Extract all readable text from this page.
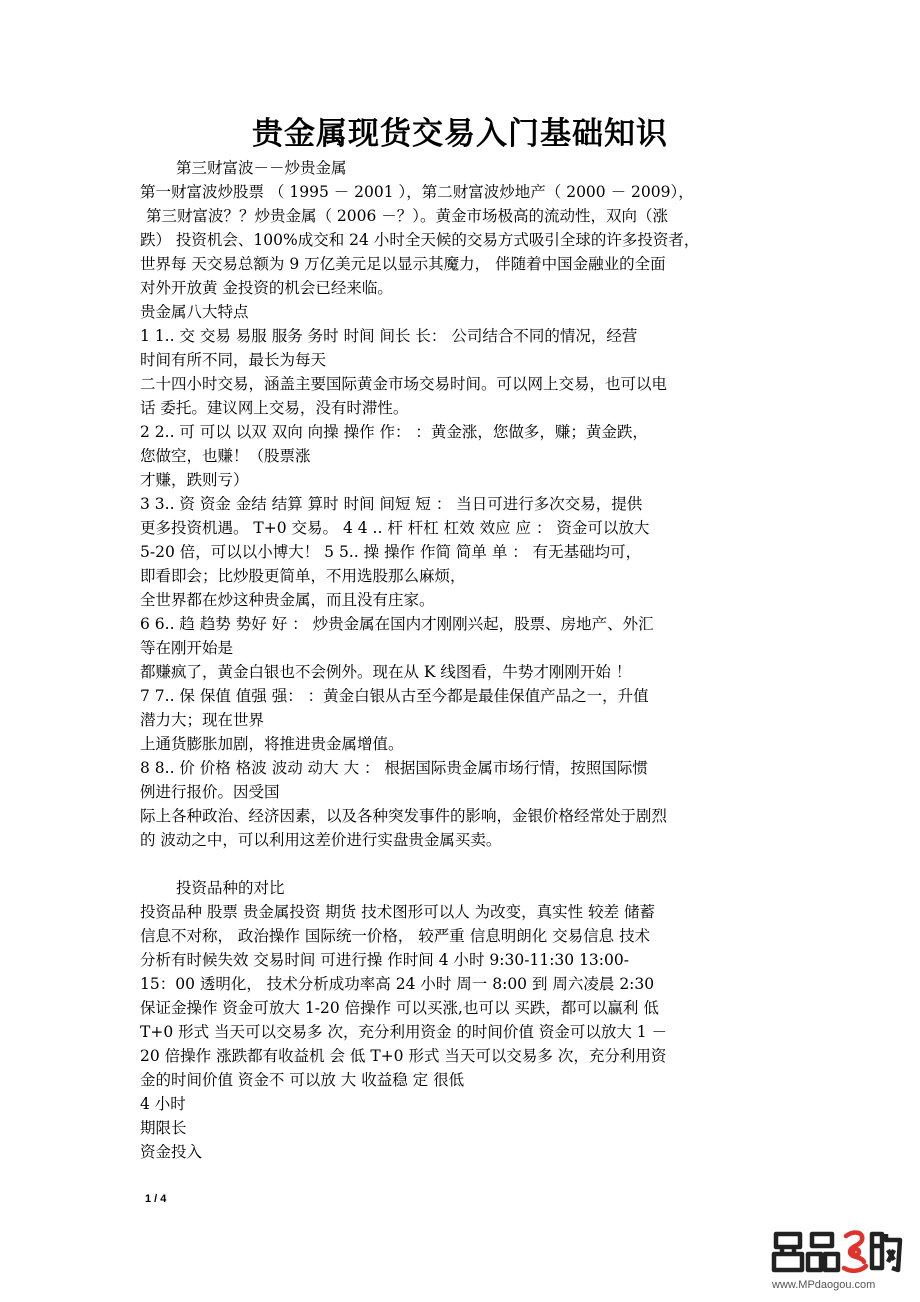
贵金属现货交易入门基础知识
第三财富波－－炒贵金属
第一财富波炒股票 （ 1995 － 2001 ），第二财富波炒地产（ 2000 － 2009），
第三财富波？？炒贵金属（ 2006 －？）。黄金市场极高的流动性，双向（涨
跌） 投资机会、100%成交和 24 小时全天候的交易方式吸引全球的许多投资者，
世界每 天交易总额为 9 万亿美元足以显示其魔力， 伴随着中国金融业的全面
对外开放黄 金投资的机会已经来临。
贵金属八大特点
1 1.. 交 交易 易服 服务 务时 时间 间长 长： 公司结合不同的情况，经营
时间有所不同，最长为每天
二十四小时交易，涵盖主要国际黄金市场交易时间。可以网上交易，也可以电
话 委托。建议网上交易，没有时滞性。
2 2.. 可 可以 以双 双向 向操 操作 作： ：黄金涨，您做多，赚；黄金跌，
您做空，也赚！（股票涨
才赚，跌则亏）
3 3.. 资 资金 金结 结算 算时 时间 间短 短 ： 当日可进行多次交易，提供
更多投资机遇。 T+0 交易。 4 4 .. 杆 杆杠 杠效 效应 应 ： 资金可以放大
5-20 倍，可以以小博大！ 5 5.. 操 操作 作简 简单 单 ： 有无基础均可，
即看即会；比炒股更简单，不用选股那么麻烦，
全世界都在炒这种贵金属，而且没有庄家。
6 6.. 趋 趋势 势好 好 ： 炒贵金属在国内才刚刚兴起，股票、房地产、外汇
等在刚开始是
都赚疯了，黄金白银也不会例外。现在从 K 线图看，牛势才刚刚开始 ！
7 7.. 保 保值 值强 强： ：黄金白银从古至今都是最佳保值产品之一，升值
潜力大；现在世界
上通货膨胀加剧，将推进贵金属增值。
8 8.. 价 价格 格波 波动 动大 大 ： 根据国际贵金属市场行情，按照国际惯
例进行报价。因受国
际上各种政治、经济因素，以及各种突发事件的影响，金银价格经常处于剧烈
的 波动之中，可以利用这差价进行实盘贵金属买卖。
投资品种的对比
投资品种 股票 贵金属投资 期货 技术图形可以人 为改变，真实性 较差 储蓄
信息不对称， 政治操作 国际统一价格， 较严重 信息明朗化 交易信息 技术
分析有时候失效 交易时间 可进行操 作时间 4 小时 9:30-11:30 13:00-
15：00 透明化， 技术分析成功率高 24 小时 周一 8:00 到 周六凌晨 2:30
保证金操作 资金可放大 1-20 倍操作 可以买涨,也可以 买跌，都可以赢利 低
T+0 形式 当天可以交易多 次，充分利用资金 的时间价值 资金可以放大 1 －
20 倍操作 涨跌都有收益机 会 低 T+0 形式 当天可以交易多 次，充分利用资
金的时间价值 资金不 可以放 大 收益稳 定 很低
4 小时
期限长
资金投入
1 / 4
www.MPdaogou.com
